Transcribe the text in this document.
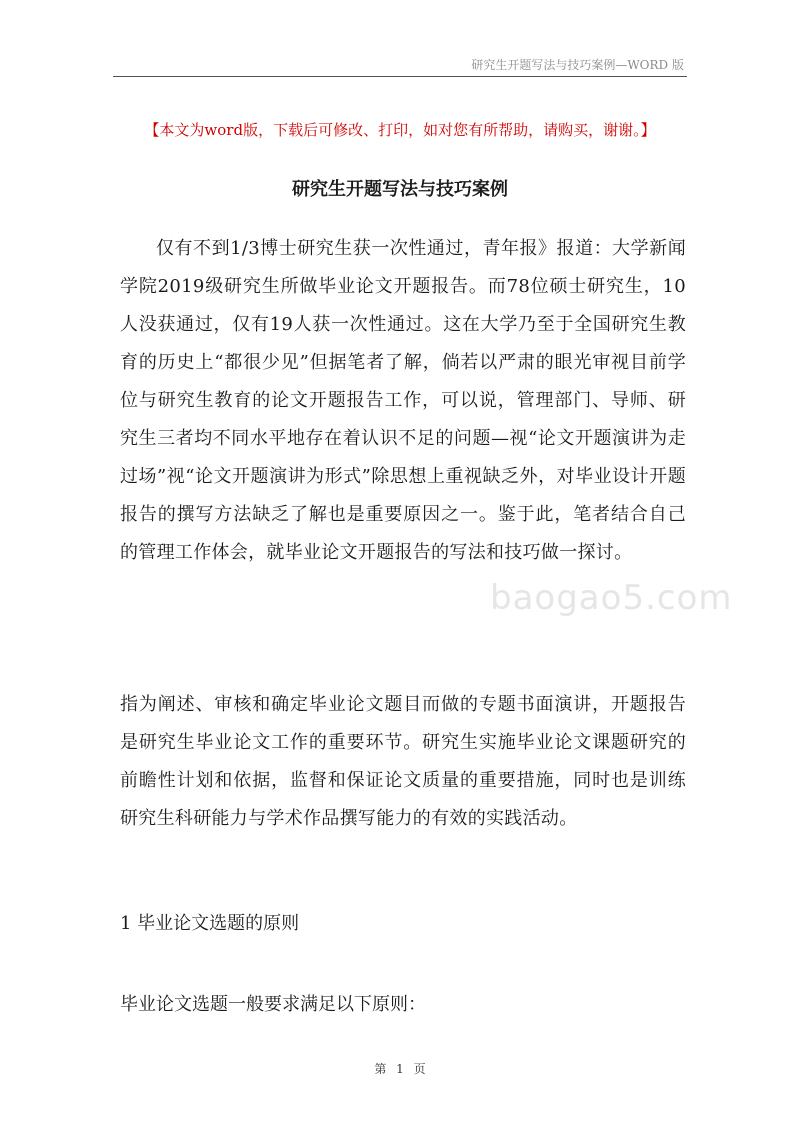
研究生开题写法与技巧案例—WORD 版
【本文为word版，下载后可修改、打印，如对您有所帮助，请购买，谢谢。】
研究生开题写法与技巧案例

仅有不到1/3博士研究生获一次性通过，青年报》报道：大学新闻学院2019级研究生所做毕业论文开题报告。而78位硕士研究生，10人没获通过，仅有19人获一次性通过。这在大学乃至于全国研究生教育的历史上“都很少见”但据笔者了解，倘若以严肃的眼光审视目前学位与研究生教育的论文开题报告工作，可以说，管理部门、导师、研究生三者均不同水平地存在着认识不足的问题—视“论文开题演讲为走过场”视“论文开题演讲为形式”除思想上重视缺乏外，对毕业设计开题报告的撰写方法缺乏了解也是重要原因之一。鉴于此，笔者结合自己的管理工作体会，就毕业论文开题报告的写法和技巧做一探讨。

baogao5.com

指为阐述、审核和确定毕业论文题目而做的专题书面演讲，开题报告是研究生毕业论文工作的重要环节。研究生实施毕业论文课题研究的前瞻性计划和依据，监督和保证论文质量的重要措施，同时也是训练研究生科研能力与学术作品撰写能力的有效的实践活动。

1 毕业论文选题的原则

毕业论文选题一般要求满足以下原则：

第 1 页
